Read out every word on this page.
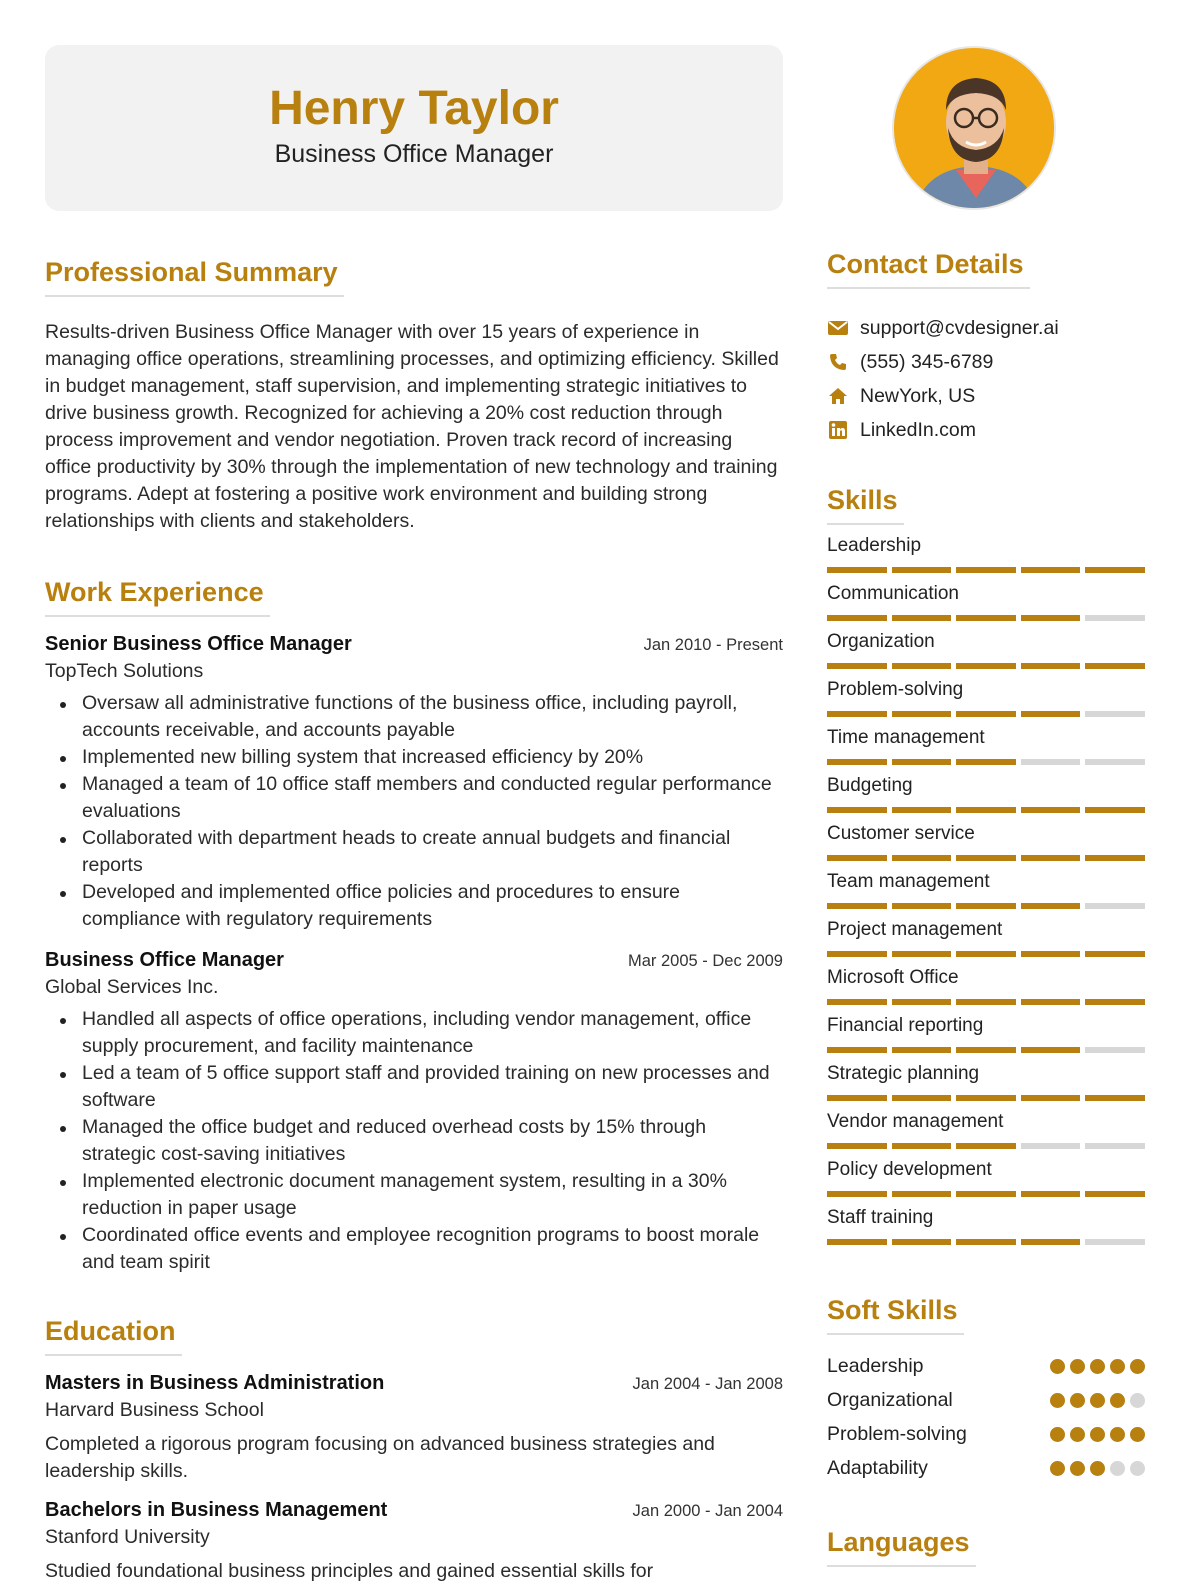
Henry Taylor
Business Office Manager
Professional Summary

Results-driven Business Office Manager with over 15 years of experience in managing office operations, streamlining processes, and optimizing efficiency. Skilled in budget management, staff supervision, and implementing strategic initiatives to drive business growth. Recognized for achieving a 20% cost reduction through process improvement and vendor negotiation. Proven track record of increasing office productivity by 30% through the implementation of new technology and training programs. Adept at fostering a positive work environment and building strong relationships with clients and stakeholders.

Work Experience
Senior Business Office Manager	Jan 2010 - Present
TopTech Solutions
Oversaw all administrative functions of the business office, including payroll, accounts receivable, and accounts payable
Implemented new billing system that increased efficiency by 20%
Managed a team of 10 office staff members and conducted regular performance evaluations
Collaborated with department heads to create annual budgets and financial reports
Developed and implemented office policies and procedures to ensure compliance with regulatory requirements
Business Office Manager	Mar 2005 - Dec 2009
Global Services Inc.
Handled all aspects of office operations, including vendor management, office supply procurement, and facility maintenance
Led a team of 5 office support staff and provided training on new processes and software
Managed the office budget and reduced overhead costs by 15% through strategic cost-saving initiatives
Implemented electronic document management system, resulting in a 30% reduction in paper usage
Coordinated office events and employee recognition programs to boost morale and team spirit
Education
Masters in Business Administration	Jan 2004 - Jan 2008
Harvard Business School

Completed a rigorous program focusing on advanced business strategies and leadership skills.

Bachelors in Business Management	Jan 2000 - Jan 2004
Stanford University

Studied foundational business principles and gained essential skills for

Contact Details
support@cvdesigner.ai
(555) 345-6789
NewYork, US
LinkedIn.com
Skills
Leadership
Communication
Organization
Problem-solving
Time management
Budgeting
Customer service
Team management
Project management
Microsoft Office
Financial reporting
Strategic planning
Vendor management
Policy development
Staff training
Soft Skills
Leadership
Organizational
Problem-solving
Adaptability
Languages
